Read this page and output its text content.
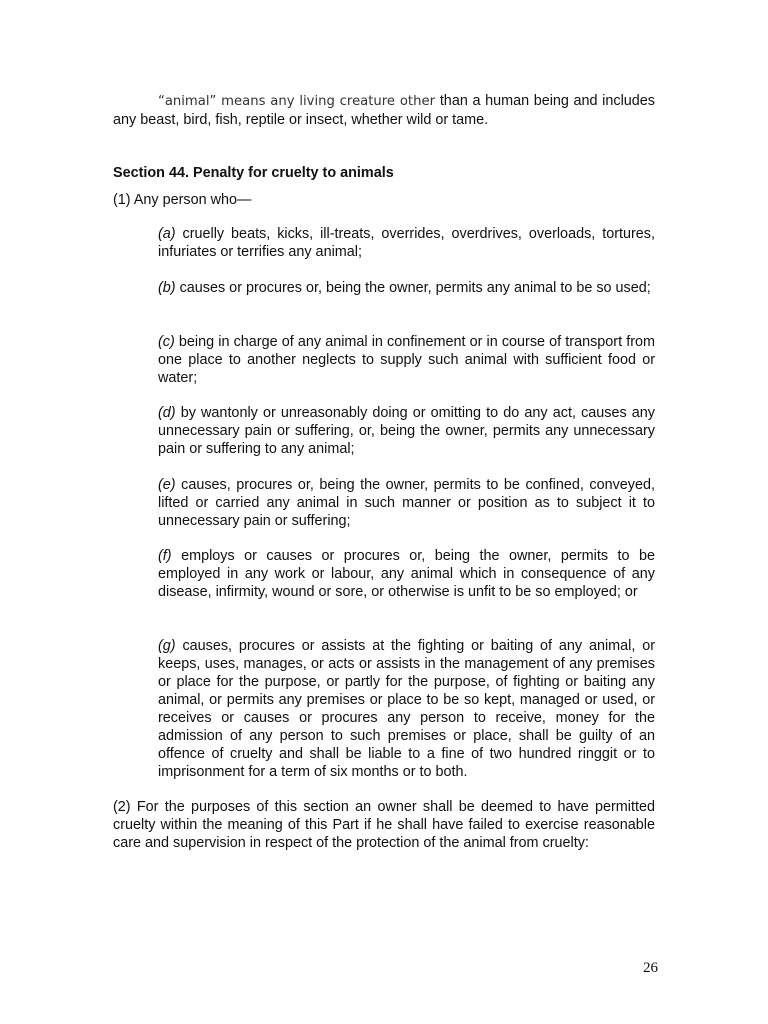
“animal” means any living creature other than a human being and includes any beast, bird, fish, reptile or insect, whether wild or tame.

Section 44. Penalty for cruelty to animals

(1) Any person who—

(a) cruelly beats, kicks, ill-treats, overrides, overdrives, overloads, tortures, infuriates or terrifies any animal;

(b) causes or procures or, being the owner, permits any animal to be so used;

(c) being in charge of any animal in confinement or in course of transport from one place to another neglects to supply such animal with sufficient food or water;

(d) by wantonly or unreasonably doing or omitting to do any act, causes any unnecessary pain or suffering, or, being the owner, permits any unnecessary pain or suffering to any animal;

(e) causes, procures or, being the owner, permits to be confined, conveyed, lifted or carried any animal in such manner or position as to subject it to unnecessary pain or suffering;

(f) employs or causes or procures or, being the owner, permits to be employed in any work or labour, any animal which in consequence of any disease, infirmity, wound or sore, or otherwise is unfit to be so employed; or

(g) causes, procures or assists at the fighting or baiting of any animal, or keeps, uses, manages, or acts or assists in the management of any premises or place for the purpose, or partly for the purpose, of fighting or baiting any animal, or permits any premises or place to be so kept, managed or used, or receives or causes or procures any person to receive, money for the admission of any person to such premises or place, shall be guilty of an offence of cruelty and shall be liable to a fine of two hundred ringgit or to imprisonment for a term of six months or to both.

(2) For the purposes of this section an owner shall be deemed to have permitted cruelty within the meaning of this Part if he shall have failed to exercise reasonable care and supervision in respect of the protection of the animal from cruelty:

26
